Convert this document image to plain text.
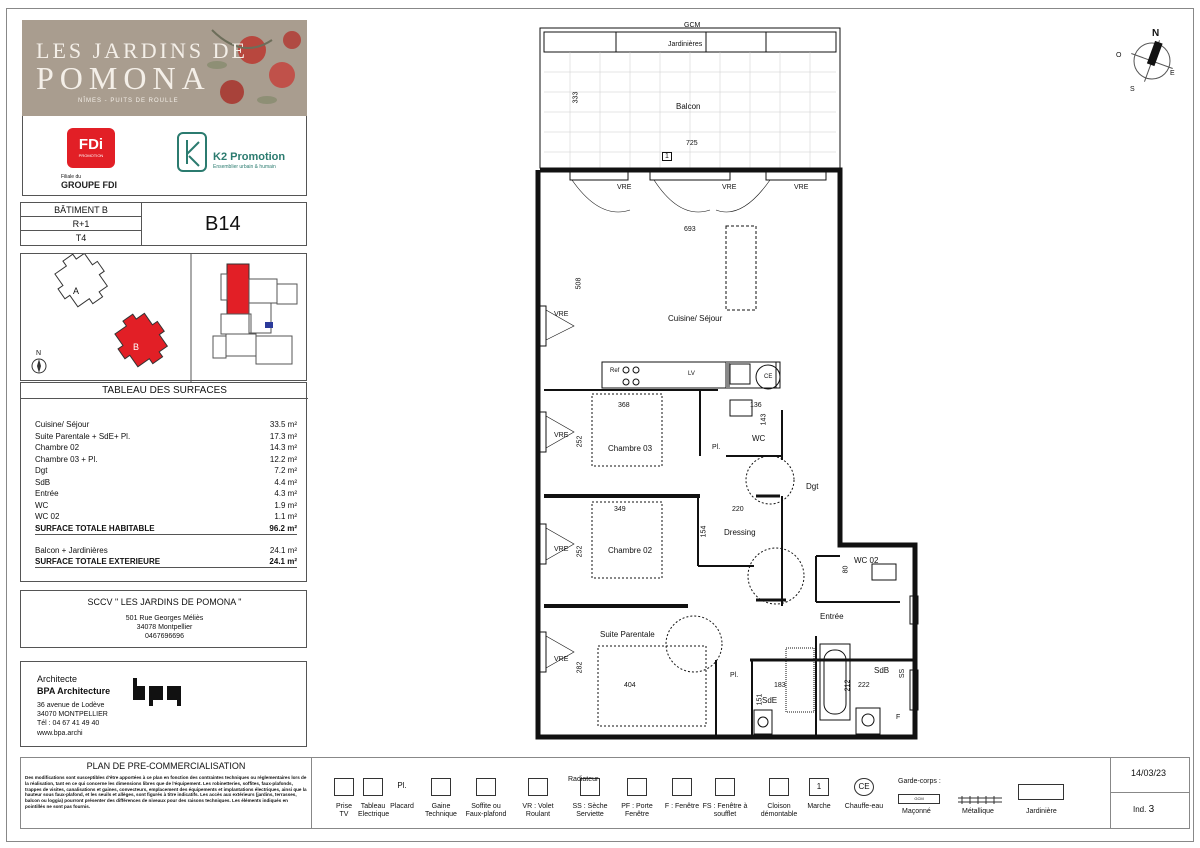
LES JARDINS DE
POMONA
NÎMES - PUITS DE ROULLE
FDi
PROMOTION
Filiale du
GROUPE FDI
K2 Promotion
Ensemblier urbain & humain
BÂTIMENT B
R+1
T4
B14
A
B
N
TABLEAU DES SURFACES
Cuisine/ Séjour	33.5 m²
Suite Parentale + SdE+ Pl.	17.3 m²
Chambre 02	14.3 m²
Chambre 03 + Pl.	12.2 m²
Dgt	7.2 m²
SdB	4.4 m²
Entrée	4.3 m²
WC	1.9 m²
WC 02	1.1 m²
SURFACE TOTALE HABITABLE	96.2 m²
Balcon + Jardinières	24.1 m²
SURFACE TOTALE EXTERIEURE	24.1 m²
SCCV " LES JARDINS DE POMONA "
501 Rue Georges Méliès
34078 Montpellier
0467696696
Architecte
BPA Architecture
36 avenue de Lodève
34070 MONTPELLIER
Tél : 04 67 41 49 40
www.bpa.archi
PLAN DE PRE-COMMERCIALISATION
Des modifications sont susceptibles d'être apportées à ce plan en fonction des contraintes techniques ou réglementaires lors de la réalisation, tant en ce qui concerne les dimensions libres que de l'équipement. Les robinetteries, soffites, faux-plafonds, trappes de visites, canalisations et gaines, convecteurs, emplacement des équipements et implantations électriques, ainsi que la hauteur sous faux-plafond, et les seuils et allèges, sont figurés à titre indicatifs. Les accès aux extérieurs (jardins, terrasses, balcon ou loggia) pourront présenter des différences de niveaux pour des raisons techniques. Les éléments indiqués en pointillés ne sont pas fournis.
14/03/23
Ind. 3
Prise TV
Tableau Electrique
Placard
Pl.
Gaine Technique
Soffite ou Faux-plafond
VR : Volet Roulant
SS : Sèche Serviette
Radiateur
PF : Porte Fenêtre
F : Fenêtre FS : Fenêtre à soufflet
Cloison démontable
Marche
1
Chauffe-eau
CE
Garde-corps :
GCM
Maçonné	Métallique	Jardinière
GCM
Jardinières
Balcon
333
725
1
VRE	VRE	VRE
693
508
VRE	Cuisine/ Séjour
Ref	LV	CE
368	136
143
WC
Pl.
VRE
252
Chambre 03
Dgt
349	220
154 Dressing
VRE 252	Chambre 02
WC 02
80
Entrée
Suite Parentale
VRE
282
404
Pl.
183	212 222
SdB SS
151
SdE
F
N
S
E
O
